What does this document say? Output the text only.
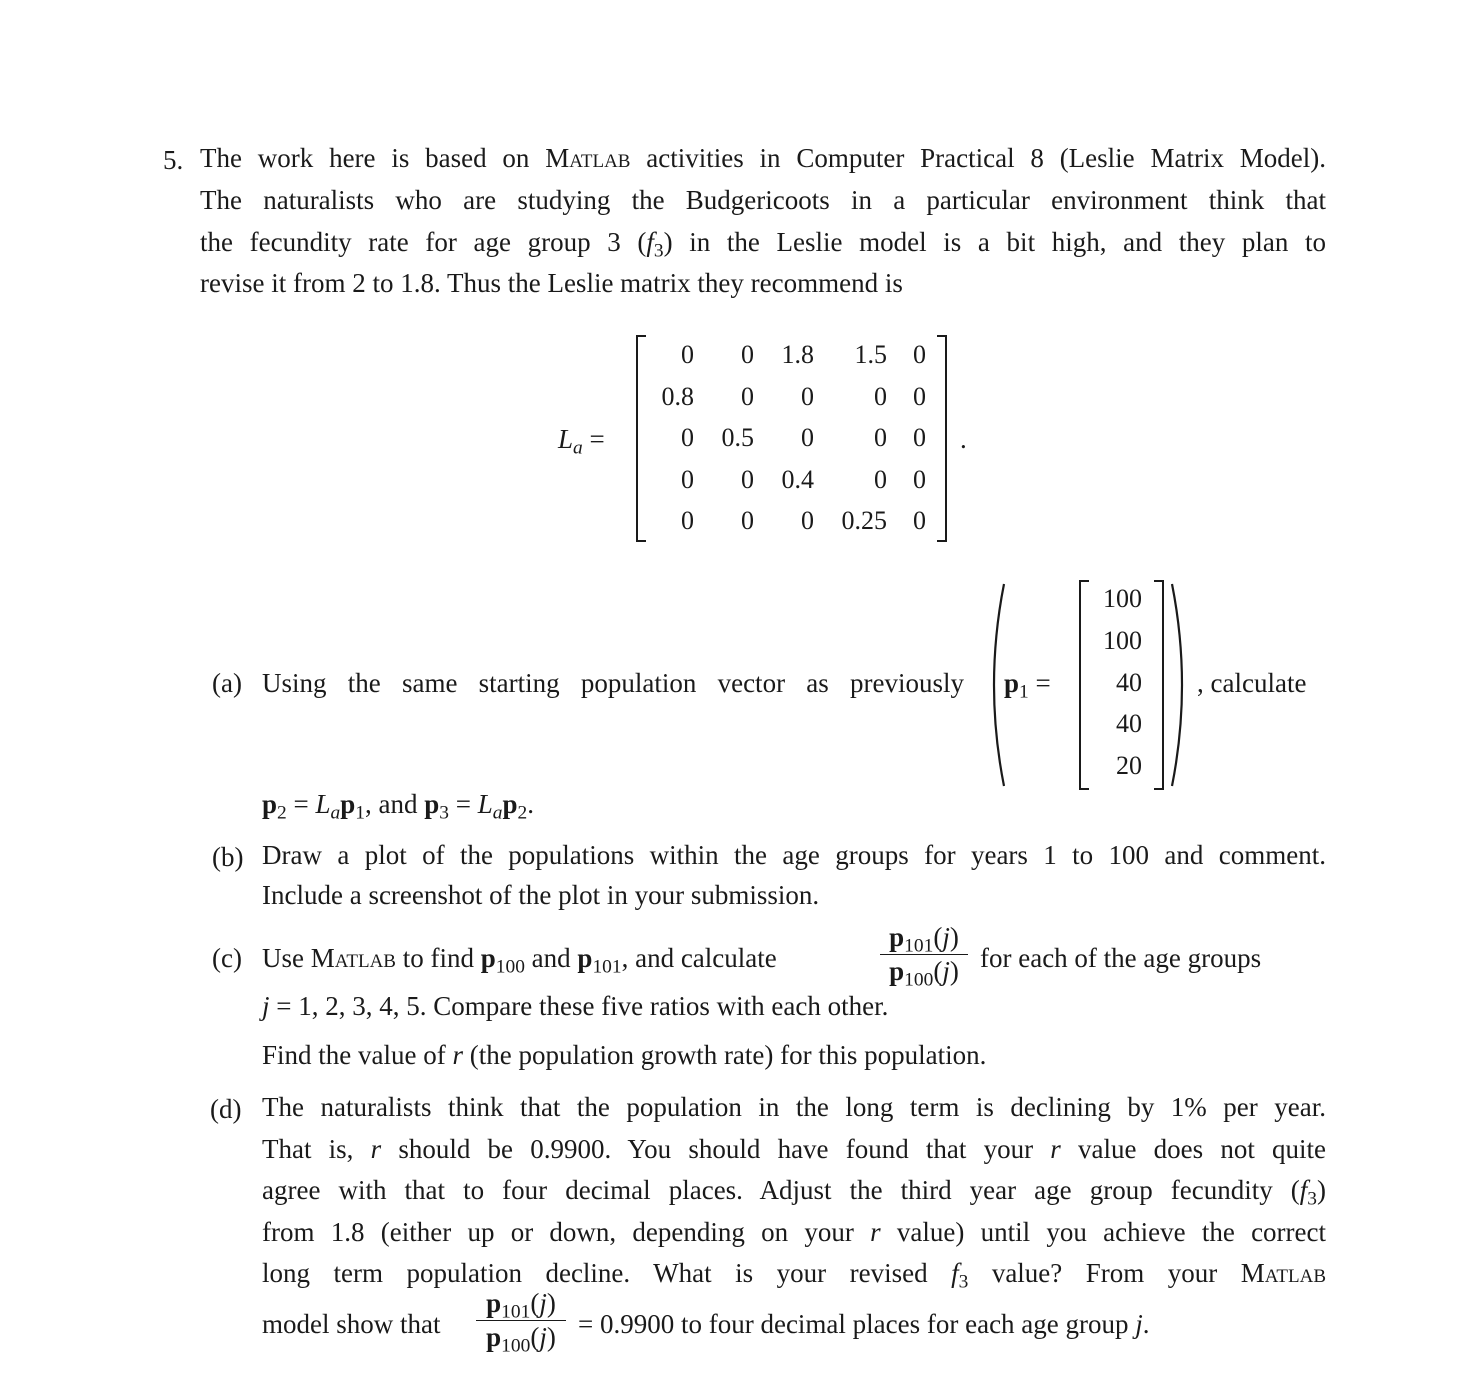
5. The work here is based on Matlab activities in Computer Practical 8 (Leslie Matrix Model).
The naturalists who are studying the Budgericoots in a particular environment think that
the fecundity rate for age group 3 $(f_3)$ in the Leslie model is a bit high, and they plan to
revise it from 2 to 1.8. Thus the Leslie matrix they recommend is
$L_a$ =	.
0	0	1.8	1.5	0
0.8	0	0	0	0
0	0.5	0	0	0
0	0	0.4	0	0
0	0	0	0.25	0
(a) Using the same starting population vector as previously $p_1$ =
100
100
40
40
20
, calculate
$p_2 = L_ap_1$, and $p_3 = L_ap_2$.
(b) Draw a plot of the populations within the age groups for years 1 to 100 and comment.
Include a screenshot of the plot in your submission.
(c) Use Matlab to find $p_{100}$ and $p_{101}$, and calculate
$p_{101}(j)$
$p_{100}(j)$ for each of the age groups
j = 1, 2, 3, 4, 5. Compare these five ratios with each other.
Find the value of r (the population growth rate) for this population.
(d) The naturalists think that the population in the long term is declining by 1% per year.
That is, r should be 0.9900. You should have found that your r value does not quite
agree with that to four decimal places. Adjust the third year age group fecundity $(f_3)$
from 1.8 (either up or down, depending on your r value) until you achieve the correct
long term population decline. What is your revised $f_3$ value? From your Matlab
model show that
$p_{101}(j)$
$p_{100}(j) = 0.9900$ to four decimal places for each age group j.
